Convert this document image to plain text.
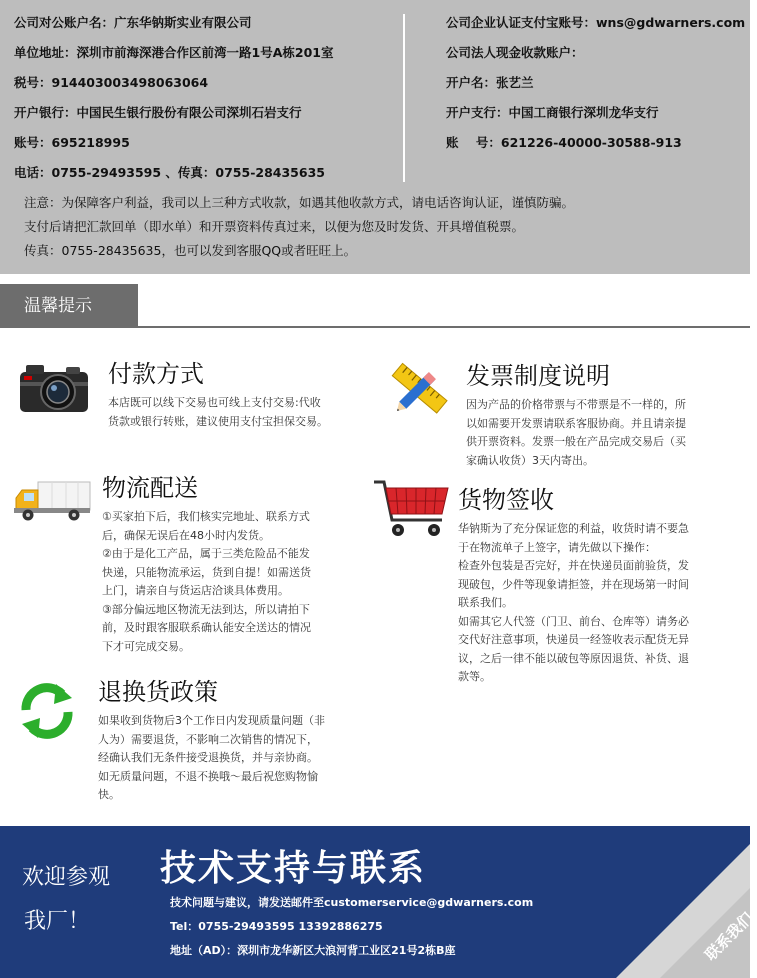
公司对公账户名：广东华钠斯实业有限公司
单位地址：深圳市前海深港合作区前湾一路1号A栋201室
税号：914403003498063064
开户银行：中国民生银行股份有限公司深圳石岩支行
账号：695218995
电话：0755-29493595 、传真：0755-28435635
公司企业认证支付宝账号：wns@gdwarners.com
公司法人现金收款账户：
开户名：张艺兰
开户支行：中国工商银行深圳龙华支行
账    号：621226-40000-30588-913
注意：为保障客户利益，我司以上三种方式收款，如遇其他收款方式，请电话咨询认证，谨慎防骗。
支付后请把汇款回单（即水单）和开票资料传真过来，以便为您及时发货、开具增值税票。
传真：0755-28435635，也可以发到客服QQ或者旺旺上。
温馨提示
付款方式

本店既可以线下交易也可线上支付交易:代收

货款或银行转账，建议使用支付宝担保交易。

发票制度说明

因为产品的价格带票与不带票是不一样的，所

以如需要开发票请联系客服协商。并且请亲提

供开票资料。发票一般在产品完成交易后（买

家确认收货）3天内寄出。

物流配送

①买家拍下后，我们核实完地址、联系方式

后，确保无误后在48小时内发货。

②由于是化工产品，属于三类危险品不能发

快递，只能物流承运，货到自提！如需送货

上门，请亲自与货运店洽谈具体费用。

③部分偏远地区物流无法到达，所以请拍下

前，及时跟客服联系确认能安全送达的情况

下才可完成交易。

货物签收

华钠斯为了充分保证您的利益，收货时请不要急

于在物流单子上签字，请先做以下操作：

检查外包装是否完好，并在快递员面前验货，发

现破包，少件等现象请拒签，并在现场第一时间

联系我们。

如需其它人代签（门卫、前台、仓库等）请务必

交代好注意事项，快递员一经签收表示配货无异

议，之后一律不能以破包等原因退货、补货、退

款等。

退换货政策

如果收到货物后3个工作日内发现质量问题（非

人为）需要退货，不影响二次销售的情况下，

经确认我们无条件接受退换货，并与亲协商。

如无质量问题，不退不换哦～最后祝您购物愉

快。

欢迎参观
我厂！
技术支持与联系
技术问题与建议，请发送邮件至customerservice@gdwarners.com
Tel：0755-29493595 13392886275
地址（AD）：深圳市龙华新区大浪河背工业区21号2栋B座	联系我们
